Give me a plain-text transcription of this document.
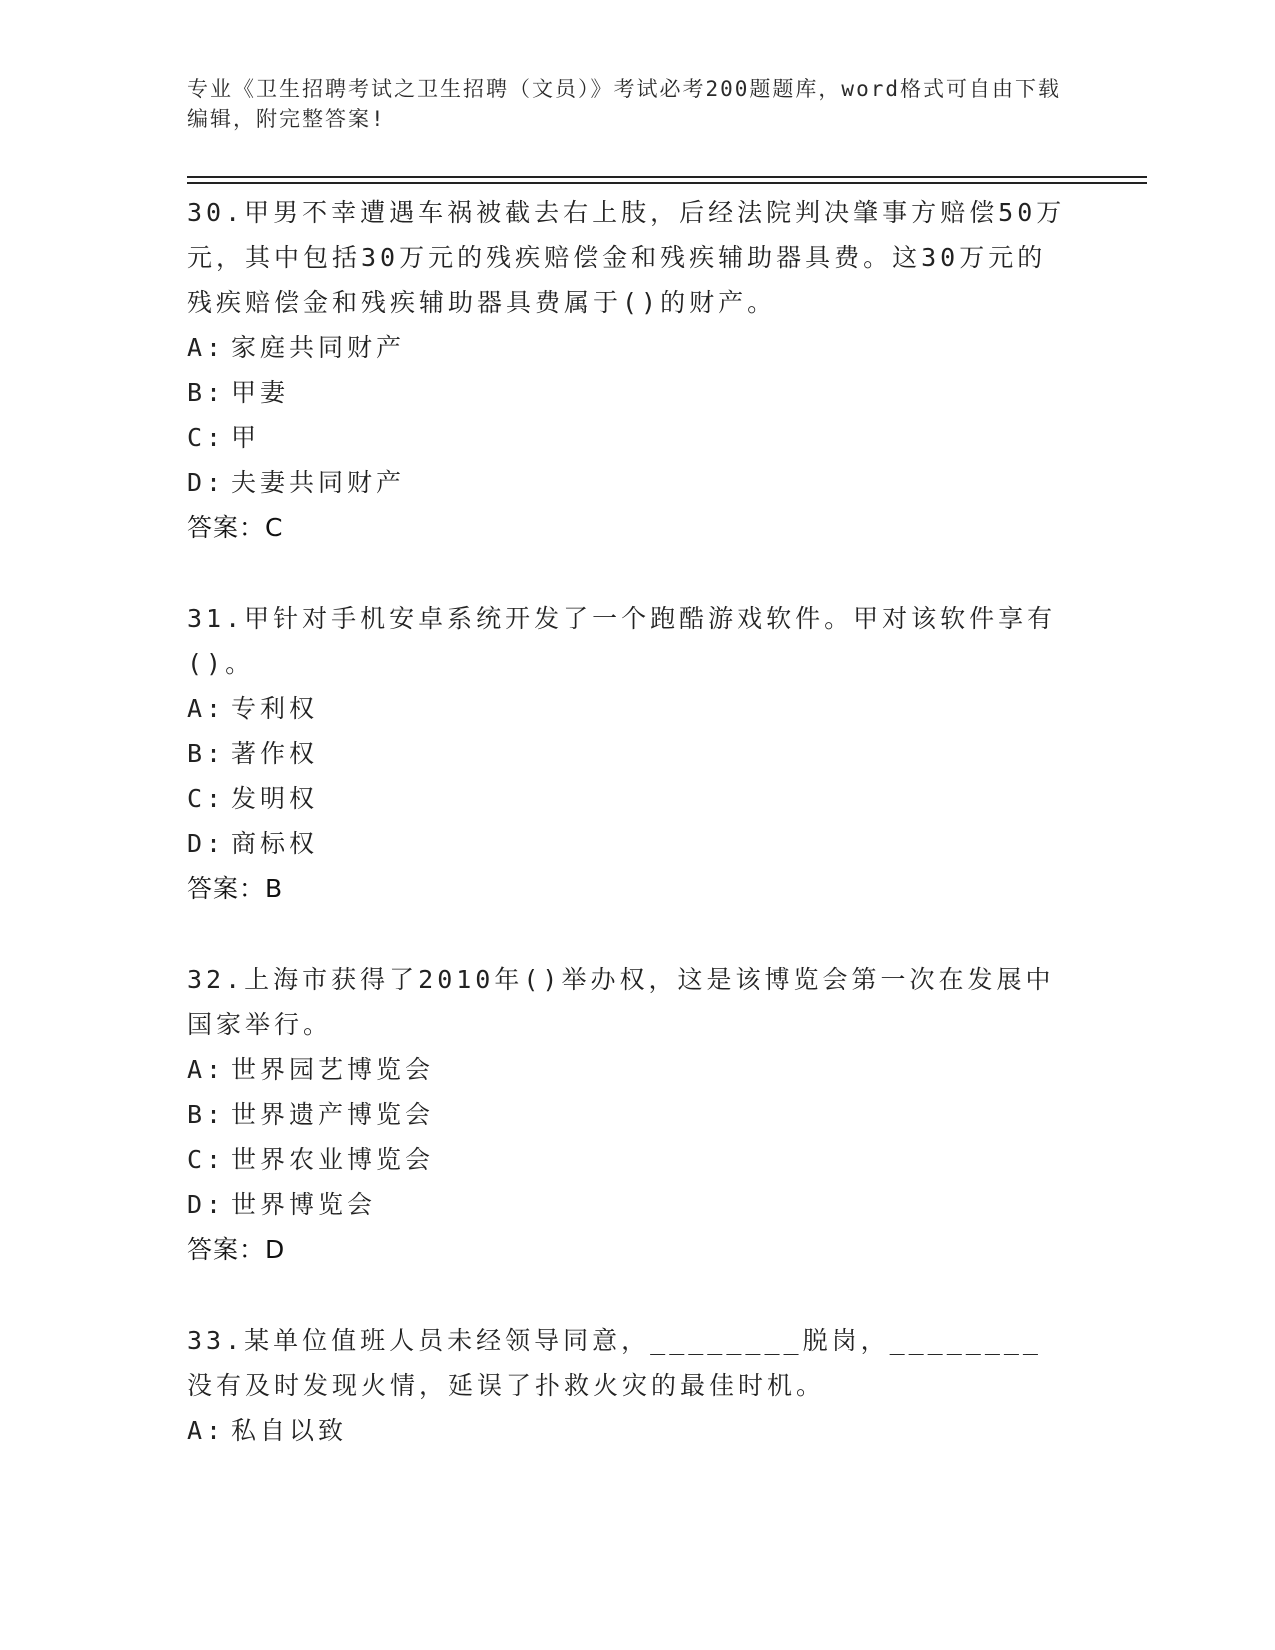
专业《卫生招聘考试之卫生招聘（文员）》考试必考200题题库，word格式可自由下载编辑，附完整答案!

30.甲男不幸遭遇车祸被截去右上肢，后经法院判决肇事方赔偿50万元，其中包括30万元的残疾赔偿金和残疾辅助器具费。这30万元的残疾赔偿金和残疾辅助器具费属于()的财产。

A: 家庭共同财产
B: 甲妻
C: 甲
D: 夫妻共同财产
答案：C

31.甲针对手机安卓系统开发了一个跑酷游戏软件。甲对该软件享有()。

A: 专利权
B: 著作权
C: 发明权
D: 商标权
答案：B

32.上海市获得了2010年()举办权，这是该博览会第一次在发展中国家举行。

A: 世界园艺博览会
B: 世界遗产博览会
C: 世界农业博览会
D: 世界博览会
答案：D

33.某单位值班人员未经领导同意，________脱岗，________没有及时发现火情，延误了扑救火灾的最佳时机。

A: 私自以致
